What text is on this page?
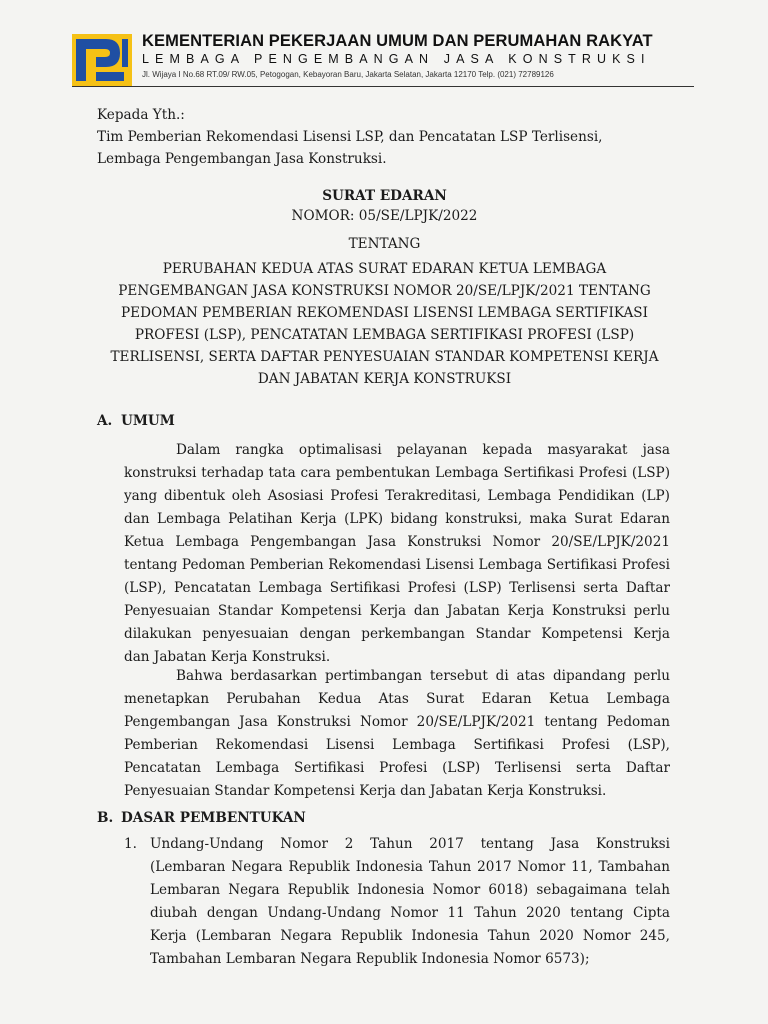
KEMENTERIAN PEKERJAAN UMUM DAN PERUMAHAN RAKYAT
LEMBAGA PENGEMBANGAN JASA KONSTRUKSI
Jl. Wijaya I No.68 RT.09/ RW.05, Petogogan, Kebayoran Baru, Jakarta Selatan, Jakarta 12170 Telp. (021) 72789126
Kepada Yth.:
Tim Pemberian Rekomendasi Lisensi LSP, dan Pencatatan LSP Terlisensi,
Lembaga Pengembangan Jasa Konstruksi.
SURAT EDARAN
NOMOR: 05/SE/LPJK/2022
TENTANG
PERUBAHAN KEDUA ATAS SURAT EDARAN KETUA LEMBAGA
PENGEMBANGAN JASA KONSTRUKSI NOMOR 20/SE/LPJK/2021 TENTANG
PEDOMAN PEMBERIAN REKOMENDASI LISENSI LEMBAGA SERTIFIKASI
PROFESI (LSP), PENCATATAN LEMBAGA SERTIFIKASI PROFESI (LSP)
TERLISENSI, SERTA DAFTAR PENYESUAIAN STANDAR KOMPETENSI KERJA
DAN JABATAN KERJA KONSTRUKSI
A. UMUM
Dalam rangka optimalisasi pelayanan kepada masyarakat jasa
konstruksi terhadap tata cara pembentukan Lembaga Sertifikasi Profesi (LSP)
yang dibentuk oleh Asosiasi Profesi Terakreditasi, Lembaga Pendidikan (LP)
dan Lembaga Pelatihan Kerja (LPK) bidang konstruksi, maka Surat Edaran
Ketua Lembaga Pengembangan Jasa Konstruksi Nomor 20/SE/LPJK/2021
tentang Pedoman Pemberian Rekomendasi Lisensi Lembaga Sertifikasi Profesi
(LSP), Pencatatan Lembaga Sertifikasi Profesi (LSP) Terlisensi serta Daftar
Penyesuaian Standar Kompetensi Kerja dan Jabatan Kerja Konstruksi perlu
dilakukan penyesuaian dengan perkembangan Standar Kompetensi Kerja
dan Jabatan Kerja Konstruksi.
Bahwa berdasarkan pertimbangan tersebut di atas dipandang perlu
menetapkan Perubahan Kedua Atas Surat Edaran Ketua Lembaga
Pengembangan Jasa Konstruksi Nomor 20/SE/LPJK/2021 tentang Pedoman
Pemberian Rekomendasi Lisensi Lembaga Sertifikasi Profesi (LSP),
Pencatatan Lembaga Sertifikasi Profesi (LSP) Terlisensi serta Daftar
Penyesuaian Standar Kompetensi Kerja dan Jabatan Kerja Konstruksi.
B. DASAR PEMBENTUKAN
1. Undang-Undang Nomor 2 Tahun 2017 tentang Jasa Konstruksi
(Lembaran Negara Republik Indonesia Tahun 2017 Nomor 11, Tambahan
Lembaran Negara Republik Indonesia Nomor 6018) sebagaimana telah
diubah dengan Undang-Undang Nomor 11 Tahun 2020 tentang Cipta
Kerja (Lembaran Negara Republik Indonesia Tahun 2020 Nomor 245,
Tambahan Lembaran Negara Republik Indonesia Nomor 6573);
